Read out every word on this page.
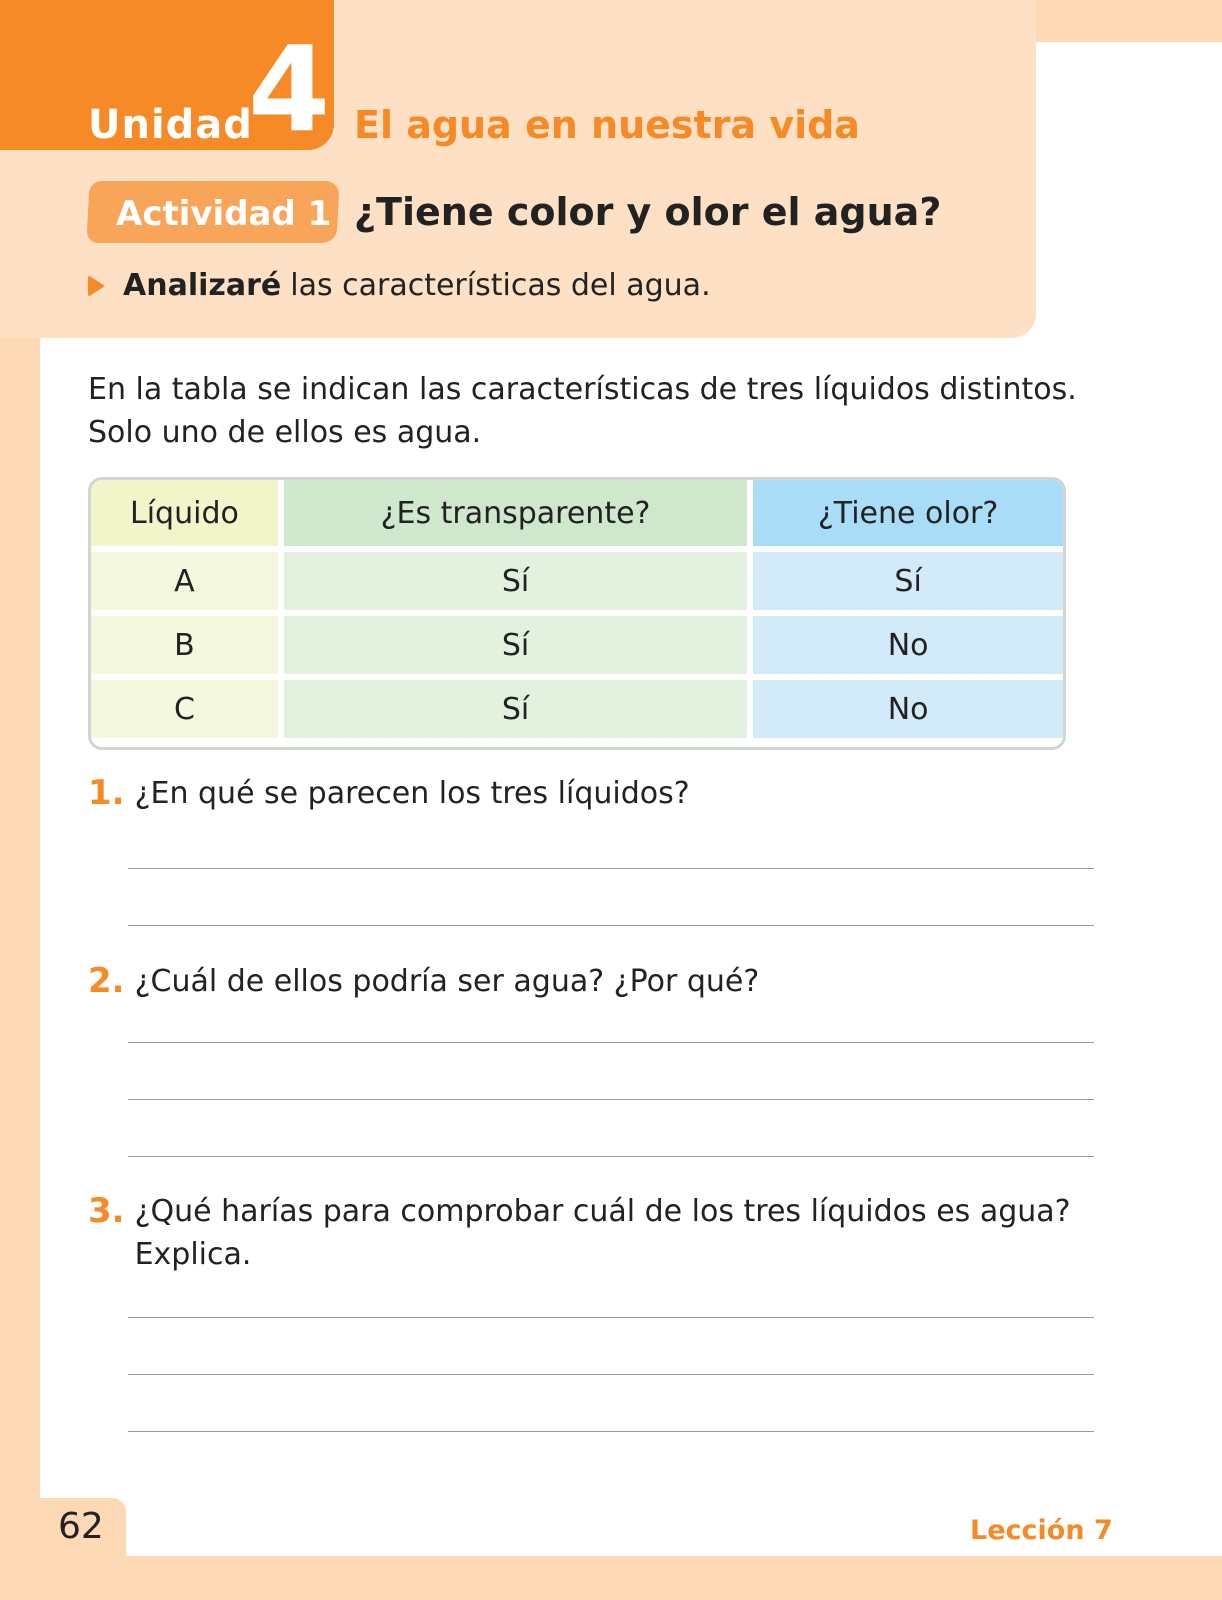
Unidad
4 El agua en nuestra vida
Actividad 1 ¿Tiene color y olor el agua?
Analizaré las características del agua.

En la tabla se indican las características de tres líquidos distintos.

Solo uno de ellos es agua.

Líquido	¿Es transparente?	¿Tiene olor?
A	Sí	Sí
B	Sí	No
C	Sí	No
1. ¿En qué se parecen los tres líquidos?
2. ¿Cuál de ellos podría ser agua? ¿Por qué?
3. ¿Qué harías para comprobar cuál de los tres líquidos es agua?
Explica.
62	Lección 7
